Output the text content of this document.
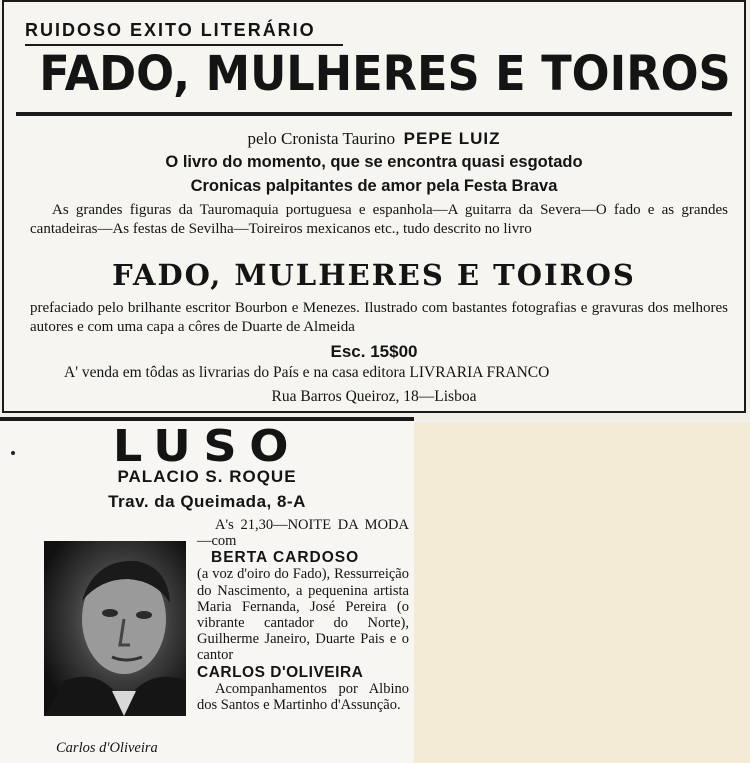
RUIDOSO EXITO LITERÁRIO
FADO, MULHERES E TOIROS
pelo Cronista Taurino PEPE LUIZ
O livro do momento, que se encontra quasi esgotado
Cronicas palpitantes de amor pela Festa Brava
As grandes figuras da Tauromaquia portuguesa e espanhola—A guitarra da Severa—O fado e as grandes cantadeiras—As festas de Sevilha—Toireiros mexicanos etc., tudo descrito no livro
FADO, MULHERES E TOIROS
prefaciado pelo brilhante escritor Bourbon e Menezes. Ilustrado com bastantes fotografias e gravuras dos melhores autores e com uma capa a côres de Duarte de Almeida
Esc. 15$00
A' venda em tôdas as livrarias do País e na casa editora LIVRARIA FRANCO
Rua Barros Queiroz, 18—Lisboa
LUSO
PALACIO S. ROQUE
Trav. da Queimada, 8-A
Carlos d'Oliveira
A's 21,30—NOITE DA MODA—com
BERTA CARDOSO
(a voz d'oiro do Fado), Ressurreição do Nascimento, a pequenina artista Maria Fernanda, José Pereira (o vibrante cantador do Norte), Guilherme Janeiro, Duarte Pais e o cantor
CARLOS D'OLIVEIRA
Acompanhamentos por Albino dos Santos e Martinho d'Assunção.
